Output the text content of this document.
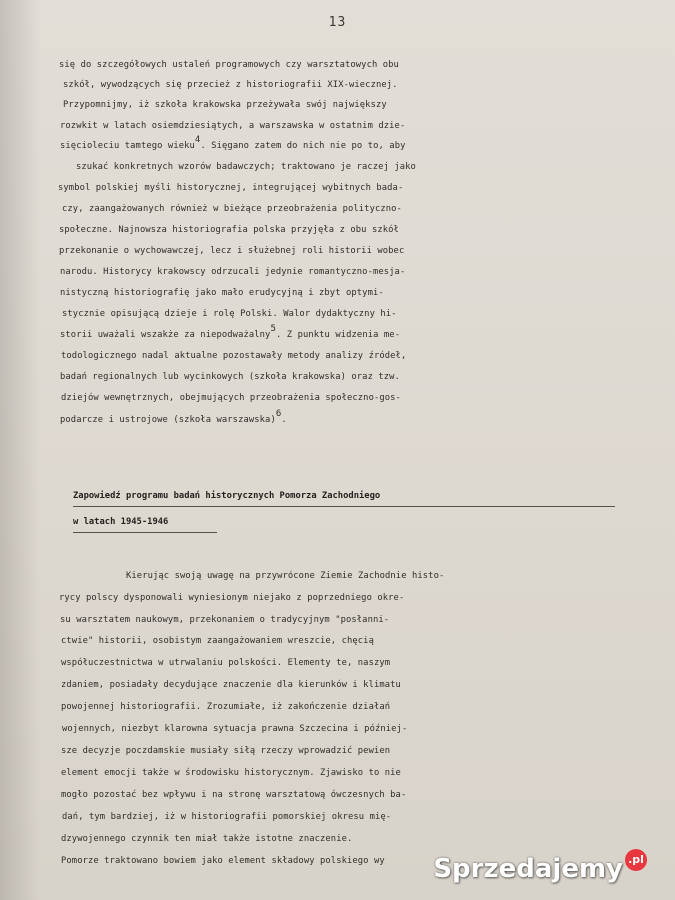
13
się do szczegółowych ustaleń programowych czy warsztatowych obu
szkół, wywodzących się przecież z historiografii XIX-wiecznej.
Przypomnijmy, iż szkoła krakowska przeżywała swój największy
rozwkit w latach osiemdziesiątych, a warszawska w ostatnim dzie-
sięcioleciu tamtego wieku$^4$. Sięgano zatem do nich nie po to, aby
szukać konkretnych wzorów badawczych; traktowano je raczej jako
symbol polskiej myśli historycznej, integrującej wybitnych bada-
czy, zaangażowanych również w bieżące przeobrażenia polityczno-
społeczne. Najnowsza historiografia polska przyjęła z obu szkół
przekonanie o wychowawczej, lecz i służebnej roli historii wobec
narodu. Historycy krakowscy odrzucali jedynie romantyczno-mesja-
nistyczną historiografię jako mało erudycyjną i zbyt optymi-
stycznie opisującą dzieje i rolę Polski. Walor dydaktyczny hi-
storii uważali wszakże za niepodważalny$^5$. Z punktu widzenia me-
todologicznego nadal aktualne pozostawały metody analizy źródeł,
badań regionalnych lub wycinkowych (szkoła krakowska) oraz tzw.
dziejów wewnętrznych, obejmujących przeobrażenia społeczno-gos-
podarcze i ustrojowe (szkoła warszawska)$^6$.
Zapowiedź programu badań historycznych Pomorza Zachodniego
w latach 1945-1946
Kierując swoją uwagę na przywrócone Ziemie Zachodnie histo-
rycy polscy dysponowali wyniesionym niejako z poprzedniego okre-
su warsztatem naukowym, przekonaniem o tradycyjnym "posłanni-
ctwie" historii, osobistym zaangażowaniem wreszcie, chęcią
współuczestnictwa w utrwalaniu polskości. Elementy te, naszym
zdaniem, posiadały decydujące znaczenie dla kierunków i klimatu
powojennej historiografii. Zrozumiałe, iż zakończenie działań
wojennych, niezbyt klarowna sytuacja prawna Szczecina i później-
sze decyzje poczdamskie musiały siłą rzeczy wprowadzić pewien
element emocji także w środowisku historycznym. Zjawisko to nie
mogło pozostać bez wpływu i na stronę warsztatową ówczesnych ba-
dań, tym bardziej, iż w historiografii pomorskiej okresu mię-
dzywojennego czynnik ten miał także istotne znaczenie.
Pomorze traktowano bowiem jako element składowy polskiego wy	Sprzedajemy .pl
